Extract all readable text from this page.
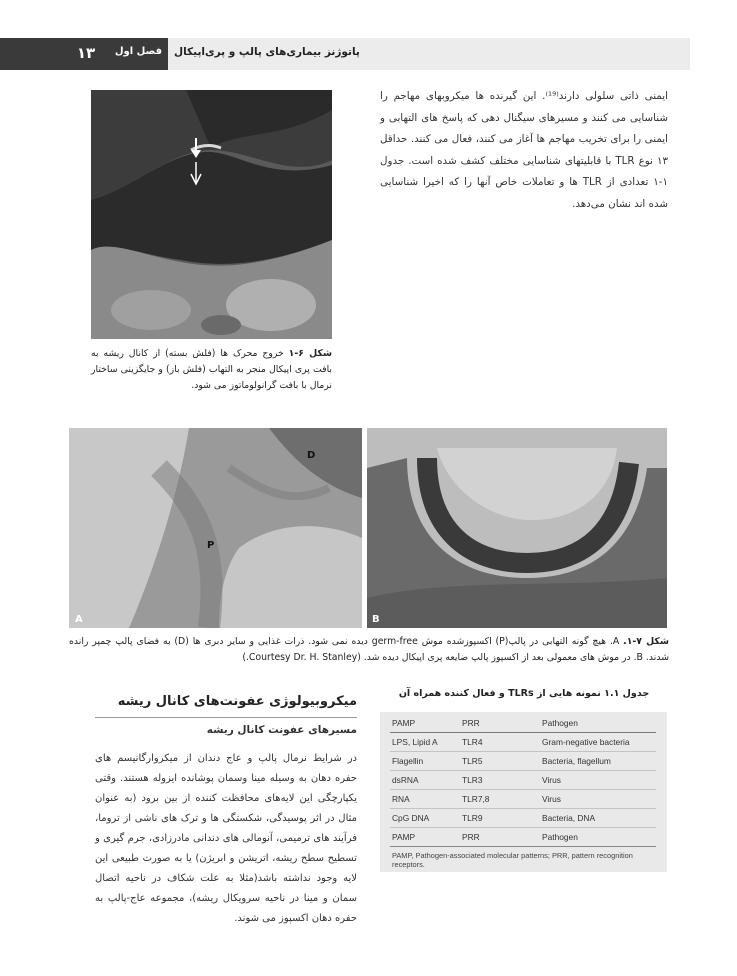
۱۳	فصل اول پاتوژنز بیماری‌های پالپ و پری‌اپیکال
ایمنی ذاتی سلولی دارند⁽¹⁹⁾. این گیرنده ها میکروبهای مهاجم را شناسایی می کنند و مسیرهای سیگنال دهی که پاسخ های التهابی و ایمنی را برای تخریب مهاجم ها آغاز می کنند، فعال می کنند. حداقل ۱۳ نوع TLR با قابلیتهای شناسایی مختلف کشف شده است. جدول ۱-۱ تعدادی از TLR ها و تعاملات خاص آنها را که اخیرا شناسایی شده اند نشان می‌دهد.
شکل ۶-۱ خروج محرک ها (فلش بسته) از کانال ریشه به بافت پری اپیکال منجر به التهاب (فلش باز) و جایگزینی ساختار نرمال با بافت گرانولوماتوز می شود.
A
D
P
B
شکل ۷-۱. A. هیچ گونه التهابی در پالپ(P) اکسپوزشده موش germ-free دیده نمی شود. ذرات غذایی و سایر دبری ها (D) به فضای پالپ چمپر رانده شدند. B. در موش های معمولی بعد از اکسپوز پالپ ضایعه پری اپیکال دیده شد. (Courtesy Dr. H. Stanley.)
میکروبیولوژی عفونت‌های کانال ریشه
مسیرهای عفونت کانال ریشه
در شرایط نرمال پالپ و عاج دندان از میکروارگانیسم های حفره دهان به وسیله مینا وسمان پوشانده ایزوله هستند. وقتی یکپارچگی این لایه‌های محافظت کننده از بین برود (به عنوان مثال در اثر پوسیدگی، شکستگی ها و ترک های ناشی از تروما، فرآیند های ترمیمی، آنومالی های دندانی مادرزادی، جرم گیری و تسطیح سطح ریشه، اتریشن و ابریژن) یا به صورت طبیعی این لایه وجود نداشته باشد(مثلا به علت شکاف در ناحیه اتصال سمان و مینا در ناحیه سرویکال ریشه)، مجموعه عاج-پالپ به حفره دهان اکسپوز می شوند.
جدول ۱.۱ نمونه هایی از TLRs و فعال کننده همراه آن
PAMP	PRR	Pathogen
LPS, Lipid A	TLR4	Gram-negative bacteria
Flagellin	TLR5	Bacteria, flagellum
dsRNA	TLR3	Virus
RNA	TLR7,8	Virus
CpG DNA	TLR9	Bacteria, DNA
PAMP	PRR	Pathogen
PAMP, Pathogen-associated molecular patterns; PRR, pattern recognition receptors.
